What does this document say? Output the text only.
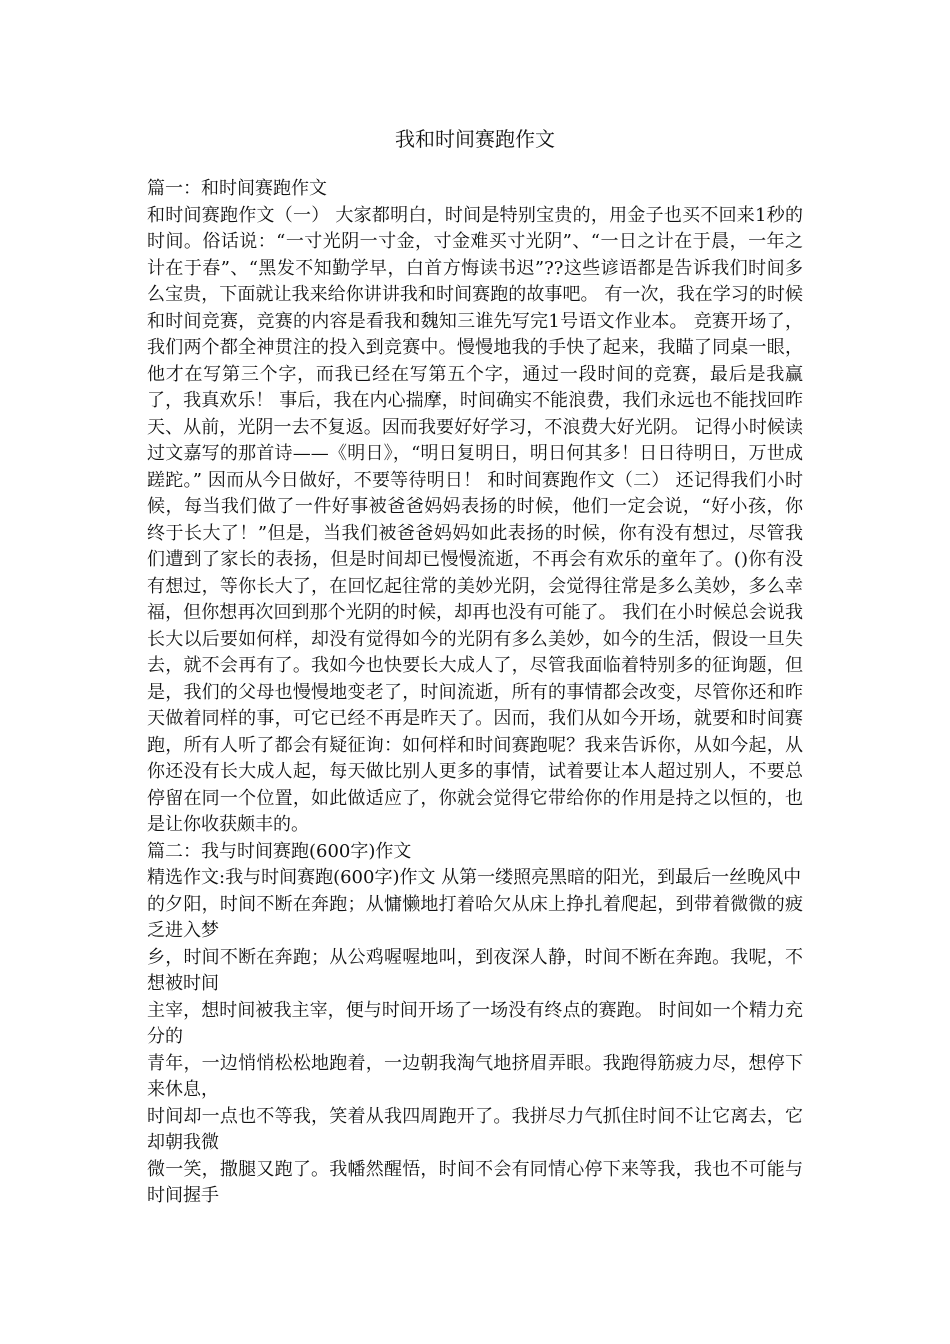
我和时间赛跑作文

篇一：和时间赛跑作文

和时间赛跑作文（一） 大家都明白，时间是特别宝贵的，用金子也买不回来1秒的时间。俗话说：“一寸光阴一寸金，寸金难买寸光阴”、“一日之计在于晨，一年之计在于春”、“黑发不知勤学早，白首方悔读书迟”??这些谚语都是告诉我们时间多么宝贵，下面就让我来给你讲讲我和时间赛跑的故事吧。 有一次，我在学习的时候和时间竞赛，竞赛的内容是看我和魏知三谁先写完1号语文作业本。 竞赛开场了，我们两个都全神贯注的投入到竞赛中。慢慢地我的手快了起来，我瞄了同桌一眼，他才在写第三个字，而我已经在写第五个字，通过一段时间的竞赛，最后是我赢了，我真欢乐！ 事后，我在内心揣摩，时间确实不能浪费，我们永远也不能找回昨天、从前，光阴一去不复返。因而我要好好学习，不浪费大好光阴。 记得小时候读过文嘉写的那首诗——《明日》，“明日复明日，明日何其多！日日待明日，万世成蹉跎。” 因而从今日做好，不要等待明日！ 和时间赛跑作文（二） 还记得我们小时候，每当我们做了一件好事被爸爸妈妈表扬的时候，他们一定会说，“好小孩，你终于长大了！”但是，当我们被爸爸妈妈如此表扬的时候，你有没有想过，尽管我们遭到了家长的表扬，但是时间却已慢慢流逝，不再会有欢乐的童年了。()你有没有想过，等你长大了，在回忆起往常的美妙光阴，会觉得往常是多么美妙，多么幸福，但你想再次回到那个光阴的时候，却再也没有可能了。 我们在小时候总会说我长大以后要如何样，却没有觉得如今的光阴有多么美妙，如今的生活，假设一旦失去，就不会再有了。我如今也快要长大成人了，尽管我面临着特别多的征询题，但是，我们的父母也慢慢地变老了，时间流逝，所有的事情都会改变，尽管你还和昨天做着同样的事，可它已经不再是昨天了。因而，我们从如今开场，就要和时间赛跑，所有人听了都会有疑征询：如何样和时间赛跑呢？我来告诉你，从如今起，从你还没有长大成人起，每天做比别人更多的事情，试着要让本人超过别人，不要总停留在同一个位置，如此做适应了，你就会觉得它带给你的作用是持之以恒的，也是让你收获颇丰的。

篇二：我与时间赛跑(600字)作文

精选作文:我与时间赛跑(600字)作文 从第一缕照亮黑暗的阳光，到最后一丝晚风中

的夕阳，时间不断在奔跑；从慵懒地打着哈欠从床上挣扎着爬起，到带着微微的疲乏进入梦

乡，时间不断在奔跑；从公鸡喔喔地叫，到夜深人静，时间不断在奔跑。我呢，不想被时间

主宰，想时间被我主宰，便与时间开场了一场没有终点的赛跑。 时间如一个精力充分的

青年，一边悄悄松松地跑着，一边朝我淘气地挤眉弄眼。我跑得筋疲力尽，想停下来休息，

时间却一点也不等我，笑着从我四周跑开了。我拼尽力气抓住时间不让它离去，它却朝我微

微一笑，撒腿又跑了。我幡然醒悟，时间不会有同情心停下来等我，我也不可能与时间握手
